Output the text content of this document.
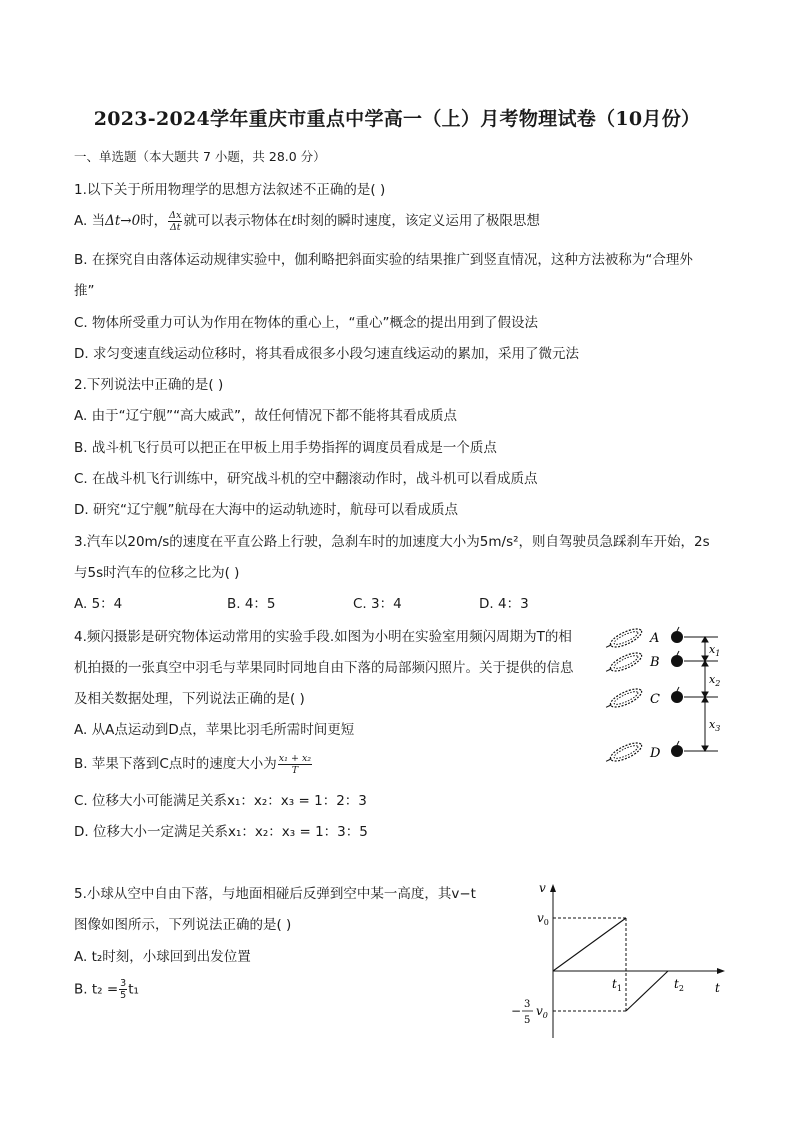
2023-2024学年重庆市重点中学高一（上）月考物理试卷（10月份）
一、单选题（本大题共 7 小题，共 28.0 分）
1.以下关于所用物理学的思想方法叙述不正确的是( )
A. 当Δt→0时， $\frac{\Delta x}{\Delta t}$ 就可以表示物体在t时刻的瞬时速度，该定义运用了极限思想
B. 在探究自由落体运动规律实验中，伽利略把斜面实验的结果推广到竖直情况，这种方法被称为“合理外
推”
C. 物体所受重力可认为作用在物体的重心上，“重心”概念的提出用到了假设法
D. 求匀变速直线运动位移时，将其看成很多小段匀速直线运动的累加，采用了微元法
2.下列说法中正确的是( )
A. 由于“辽宁舰”“高大威武”，故任何情况下都不能将其看成质点
B. 战斗机飞行员可以把正在甲板上用手势指挥的调度员看成是一个质点
C. 在战斗机飞行训练中，研究战斗机的空中翻滚动作时，战斗机可以看成质点
D. 研究“辽宁舰”航母在大海中的运动轨迹时，航母可以看成质点
3.汽车以20m/s的速度在平直公路上行驶，急刹车时的加速度大小为5m/s²，则自驾驶员急踩刹车开始，2s
与5s时汽车的位移之比为( )
A. 5：4	B. 4：5	C. 3：4	D. 4：3
4.频闪摄影是研究物体运动常用的实验手段.如图为小明在实验室用频闪周期为T的相
机拍摄的一张真空中羽毛与苹果同时同地自由下落的局部频闪照片。关于提供的信息
及相关数据处理，下列说法正确的是( )
A. 从A点运动到D点，苹果比羽毛所需时间更短
B. 苹果下落到C点时的速度大小为 $\frac{\text{x₁ + x₂}}{T}$
C. 位移大小可能满足关系x₁：x₂：x₃ = 1：2：3
D. 位移大小一定满足关系x₁：x₂：x₃ = 1：3：5
A
B
C
D
$x_1$
$x_2$
$x_3$
5.小球从空中自由下落，与地面相碰后反弹到空中某一高度，其v−t
图像如图所示，下列说法正确的是( )
A. t₂时刻，小球回到出发位置
B. $t_2 = \frac{3}{5} t_1$
v
t
$v_0$
$t_1$	$t_2$
− 3
5
$v_0$
